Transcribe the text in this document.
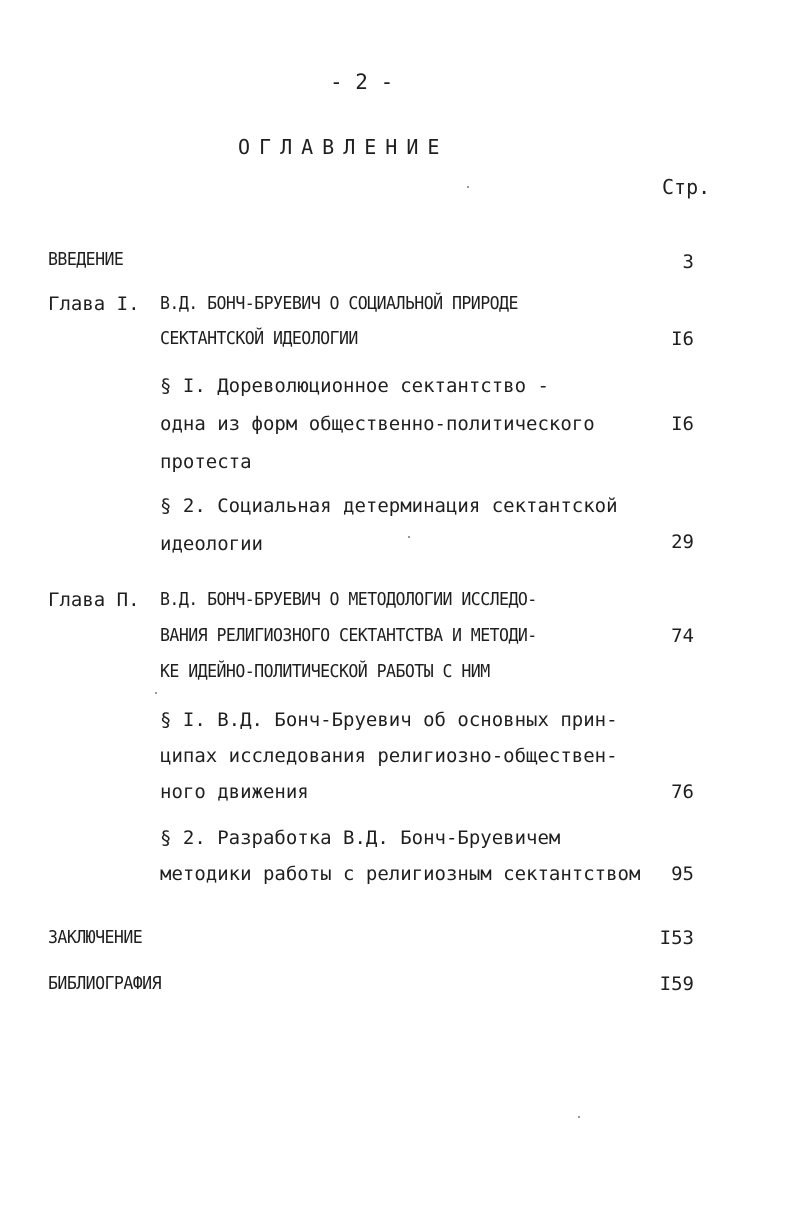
- 2 -
ОГЛАВЛЕНИЕ
Стр.
ВВЕДЕНИЕ	3
Глава I. В.Д. БОНЧ-БРУЕВИЧ О СОЦИАЛЬНОЙ ПРИРОДЕ
СЕКТАНТСКОЙ ИДЕОЛОГИИ	I6
§ I. Дореволюционное сектантство -
одна из форм общественно-политического	I6
протеста
§ 2. Социальная детерминация сектантской
идеологии	29
Глава П. В.Д. БОНЧ-БРУЕВИЧ О МЕТОДОЛОГИИ ИССЛЕДО-
ВАНИЯ РЕЛИГИОЗНОГО СЕКТАНТСТВА И МЕТОДИ-	74
КЕ ИДЕЙНО-ПОЛИТИЧЕСКОЙ РАБОТЫ С НИМ
§ I. В.Д. Бонч-Бруевич об основных прин-
ципах исследования религиозно-обществен-
ного движения	76
§ 2. Разработка В.Д. Бонч-Бруевичем
методики работы с религиозным сектантством	95
ЗАКЛЮЧЕНИЕ	I53
БИБЛИОГРАФИЯ	I59
